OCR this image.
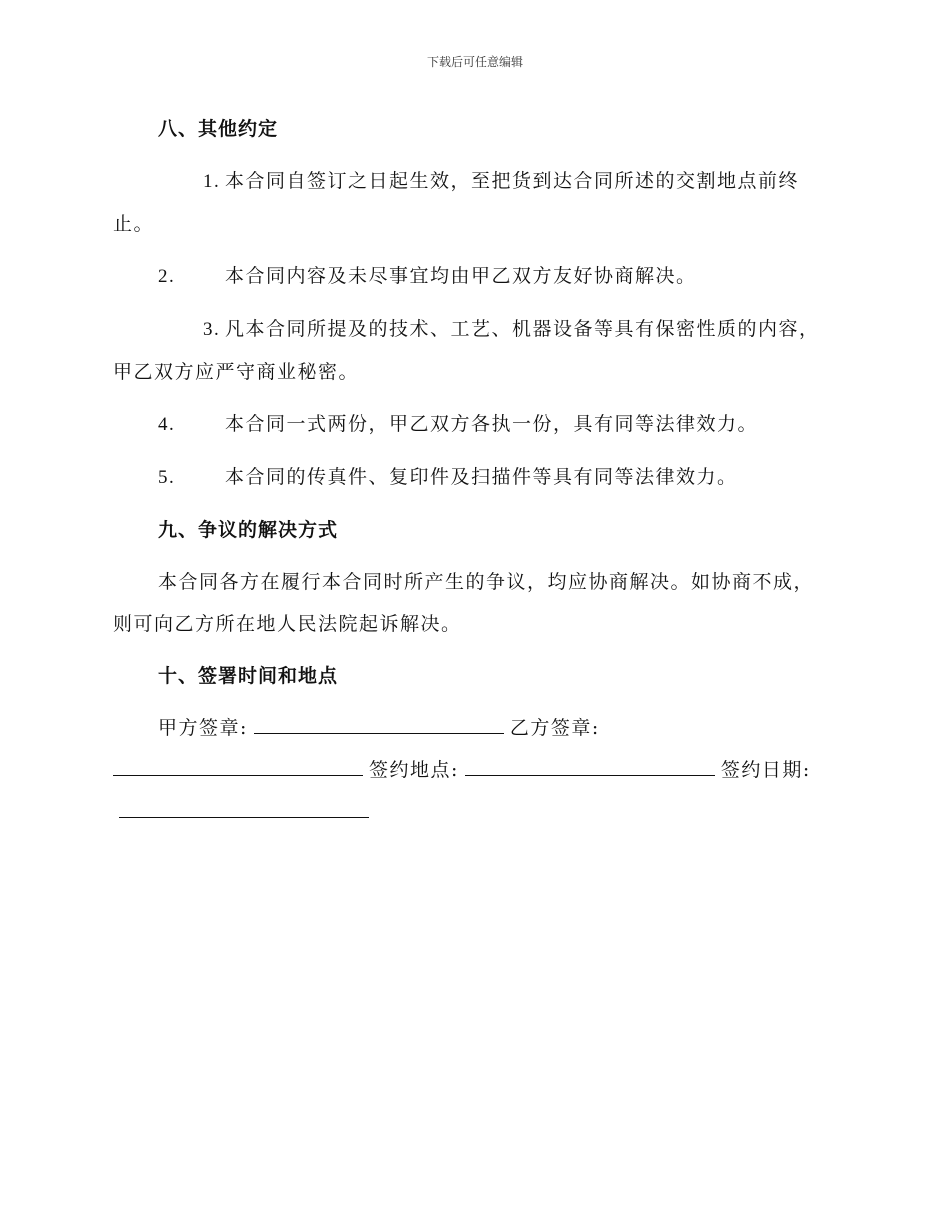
下载后可任意编辑
八、其他约定
1. 本合同自签订之日起生效，至把货到达合同所述的交割地点前终止。
2.	本合同内容及未尽事宜均由甲乙双方友好协商解决。
3. 凡本合同所提及的技术、工艺、机器设备等具有保密性质的内容，甲乙双方应严守商业秘密。
4.	本合同一式两份，甲乙双方各执一份，具有同等法律效力。
5.	本合同的传真件、复印件及扫描件等具有同等法律效力。
九、争议的解决方式
本合同各方在履行本合同时所产生的争议，均应协商解决。如协商不成，则可向乙方所在地人民法院起诉解决。
十、签署时间和地点
甲方签章:	乙方签章:签约地点:	签约日期:
